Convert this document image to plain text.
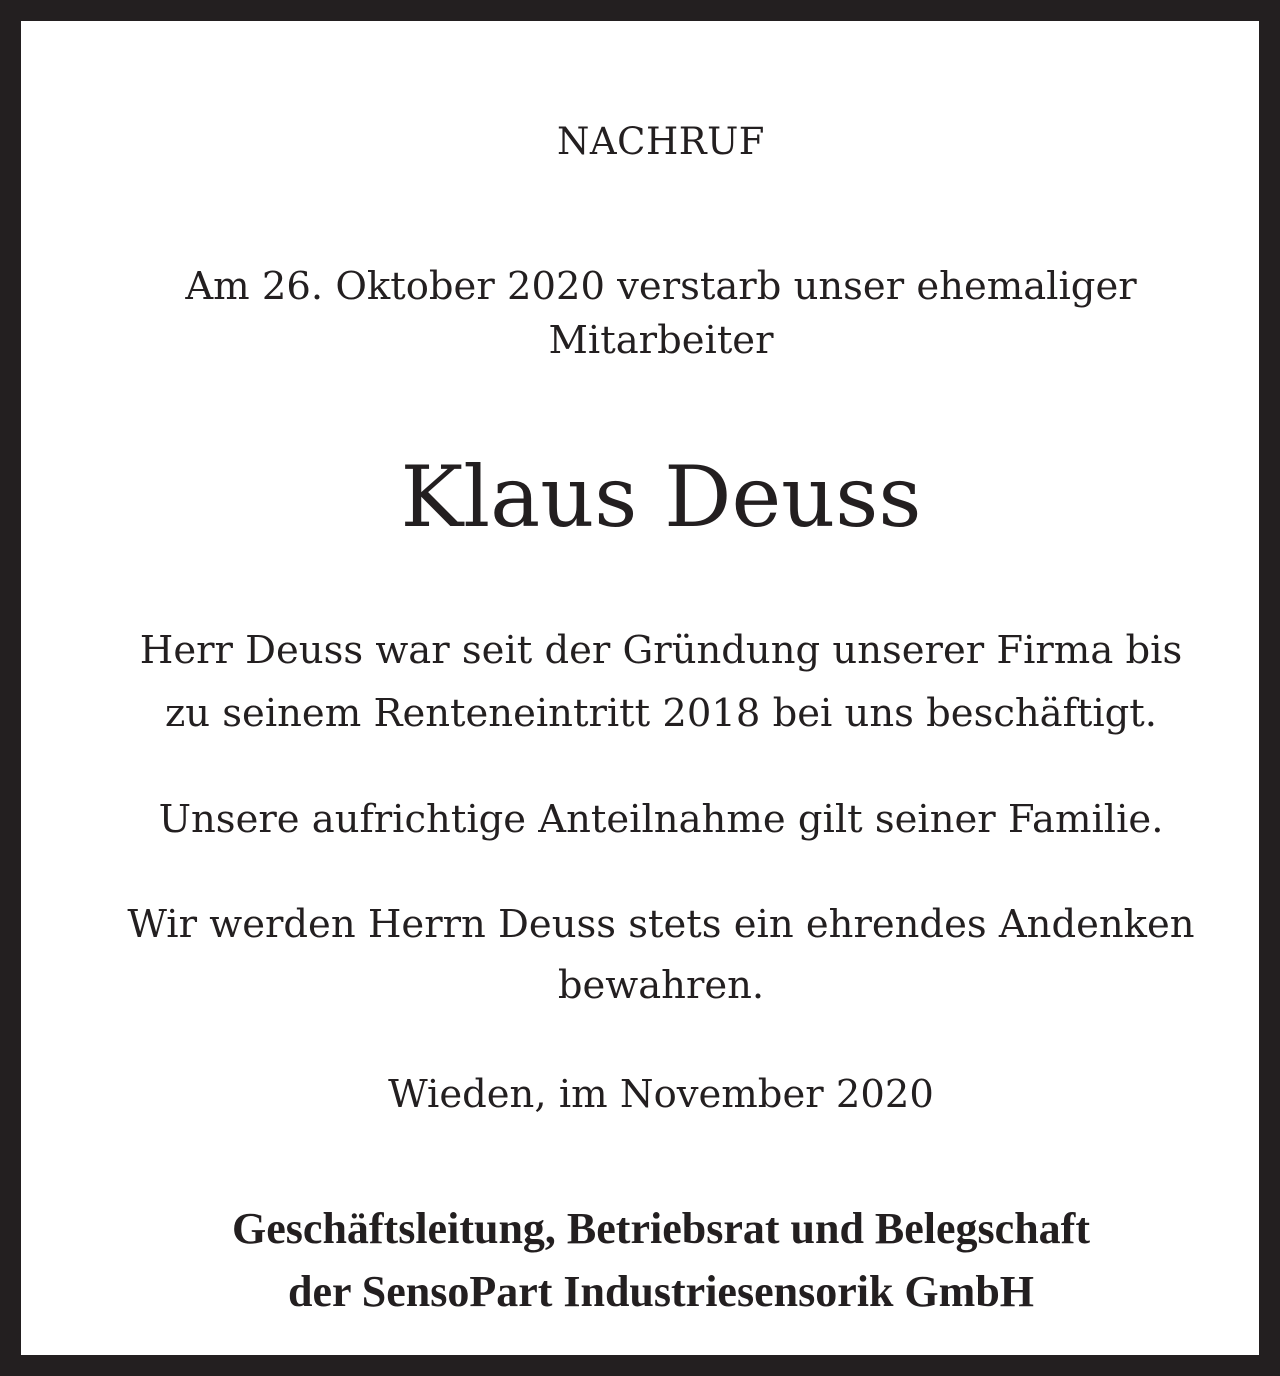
NACHRUF
Am 26. Oktober 2020 verstarb unser ehemaliger
Mitarbeiter
Klaus Deuss
Herr Deuss war seit der Gründung unserer Firma bis
zu seinem Renteneintritt 2018 bei uns beschäftigt.
Unsere aufrichtige Anteilnahme gilt seiner Familie.
Wir werden Herrn Deuss stets ein ehrendes Andenken
bewahren.
Wieden, im November 2020
Geschäftsleitung, Betriebsrat und Belegschaft
der SensoPart Industriesensorik GmbH
